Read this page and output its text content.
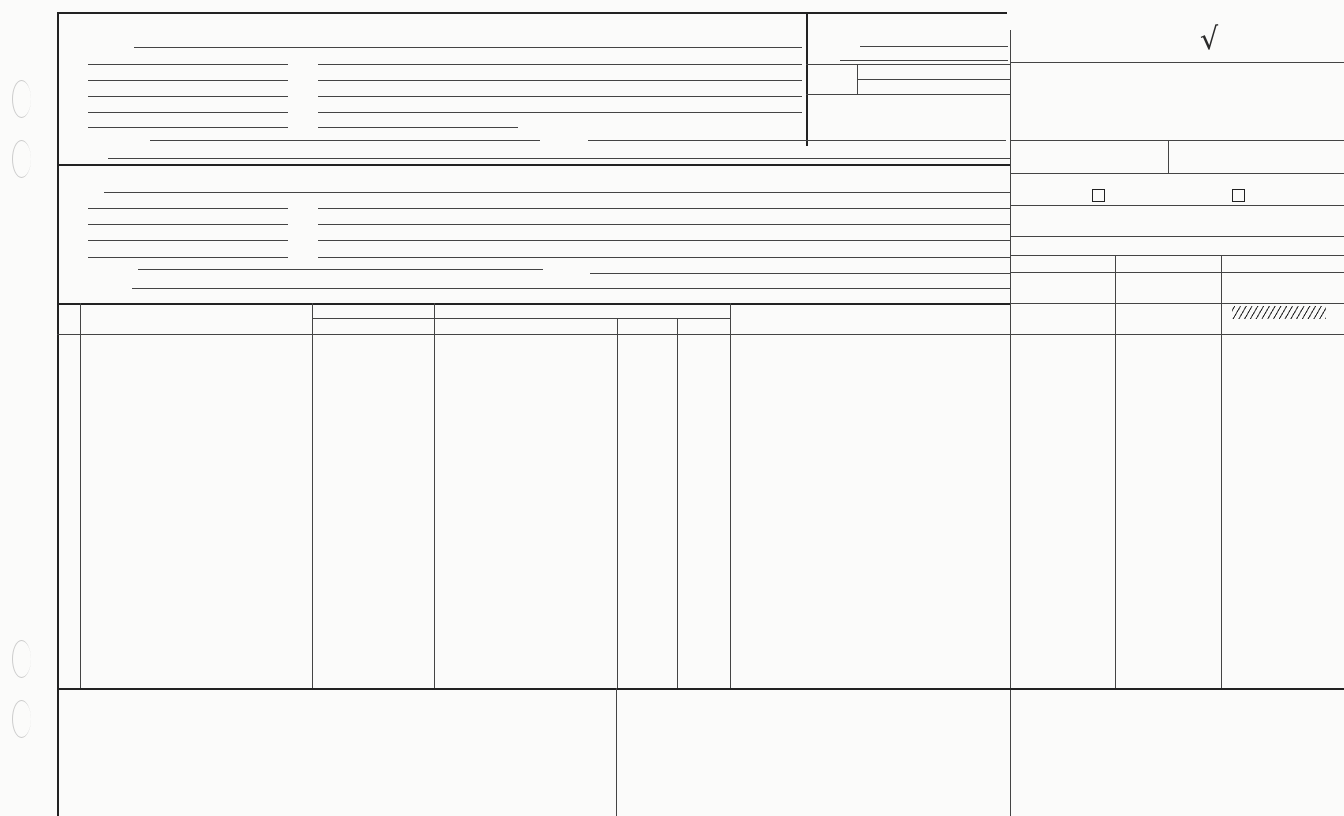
√
